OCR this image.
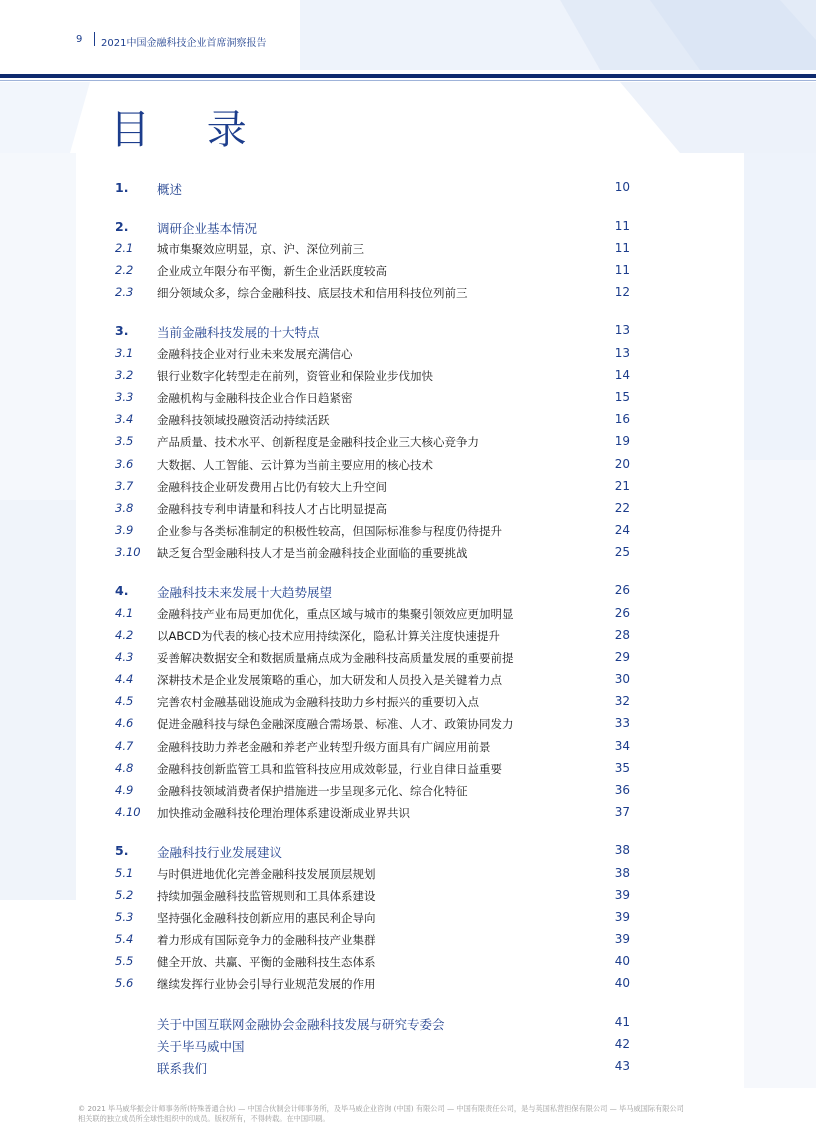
9 2021中国金融科技企业首席洞察报告
目 录
1. 概述	10
2. 调研企业基本情况	11
2.1 城市集聚效应明显，京、沪、深位列前三	11
2.2 企业成立年限分布平衡，新生企业活跃度较高	11
2.3 细分领域众多，综合金融科技、底层技术和信用科技位列前三	12
3. 当前金融科技发展的十大特点	13
3.1 金融科技企业对行业未来发展充满信心	13
3.2 银行业数字化转型走在前列，资管业和保险业步伐加快	14
3.3 金融机构与金融科技企业合作日趋紧密	15
3.4 金融科技领域投融资活动持续活跃	16
3.5 产品质量、技术水平、创新程度是金融科技企业三大核心竞争力	19
3.6 大数据、人工智能、云计算为当前主要应用的核心技术	20
3.7 金融科技企业研发费用占比仍有较大上升空间	21
3.8 金融科技专利申请量和科技人才占比明显提高	22
3.9 企业参与各类标准制定的积极性较高，但国际标准参与程度仍待提升	24
3.10 缺乏复合型金融科技人才是当前金融科技企业面临的重要挑战	25
4. 金融科技未来发展十大趋势展望	26
4.1 金融科技产业布局更加优化，重点区域与城市的集聚引领效应更加明显	26
4.2 以ABCD为代表的核心技术应用持续深化，隐私计算关注度快速提升	28
4.3 妥善解决数据安全和数据质量痛点成为金融科技高质量发展的重要前提	29
4.4 深耕技术是企业发展策略的重心，加大研发和人员投入是关键着力点	30
4.5 完善农村金融基础设施成为金融科技助力乡村振兴的重要切入点	32
4.6 促进金融科技与绿色金融深度融合需场景、标准、人才、政策协同发力	33
4.7 金融科技助力养老金融和养老产业转型升级方面具有广阔应用前景	34
4.8 金融科技创新监管工具和监管科技应用成效彰显，行业自律日益重要	35
4.9 金融科技领域消费者保护措施进一步呈现多元化、综合化特征	36
4.10 加快推动金融科技伦理治理体系建设渐成业界共识	37
5. 金融科技行业发展建议	38
5.1 与时俱进地优化完善金融科技发展顶层规划	38
5.2 持续加强金融科技监管规则和工具体系建设	39
5.3 坚持强化金融科技创新应用的惠民利企导向	39
5.4 着力形成有国际竞争力的金融科技产业集群	39
5.5 健全开放、共赢、平衡的金融科技生态体系	40
5.6 继续发挥行业协会引导行业规范发展的作用	40
关于中国互联网金融协会金融科技发展与研究专委会	41
关于毕马威中国	42
联系我们	43
© 2021 毕马威华振会计师事务所(特殊普通合伙) — 中国合伙制会计师事务所，及毕马威企业咨询 (中国) 有限公司 — 中国有限责任公司，是与英国私营担保有限公司 — 毕马威国际有限公司
相关联的独立成员所全球性组织中的成员。版权所有，不得转载。在中国印刷。
